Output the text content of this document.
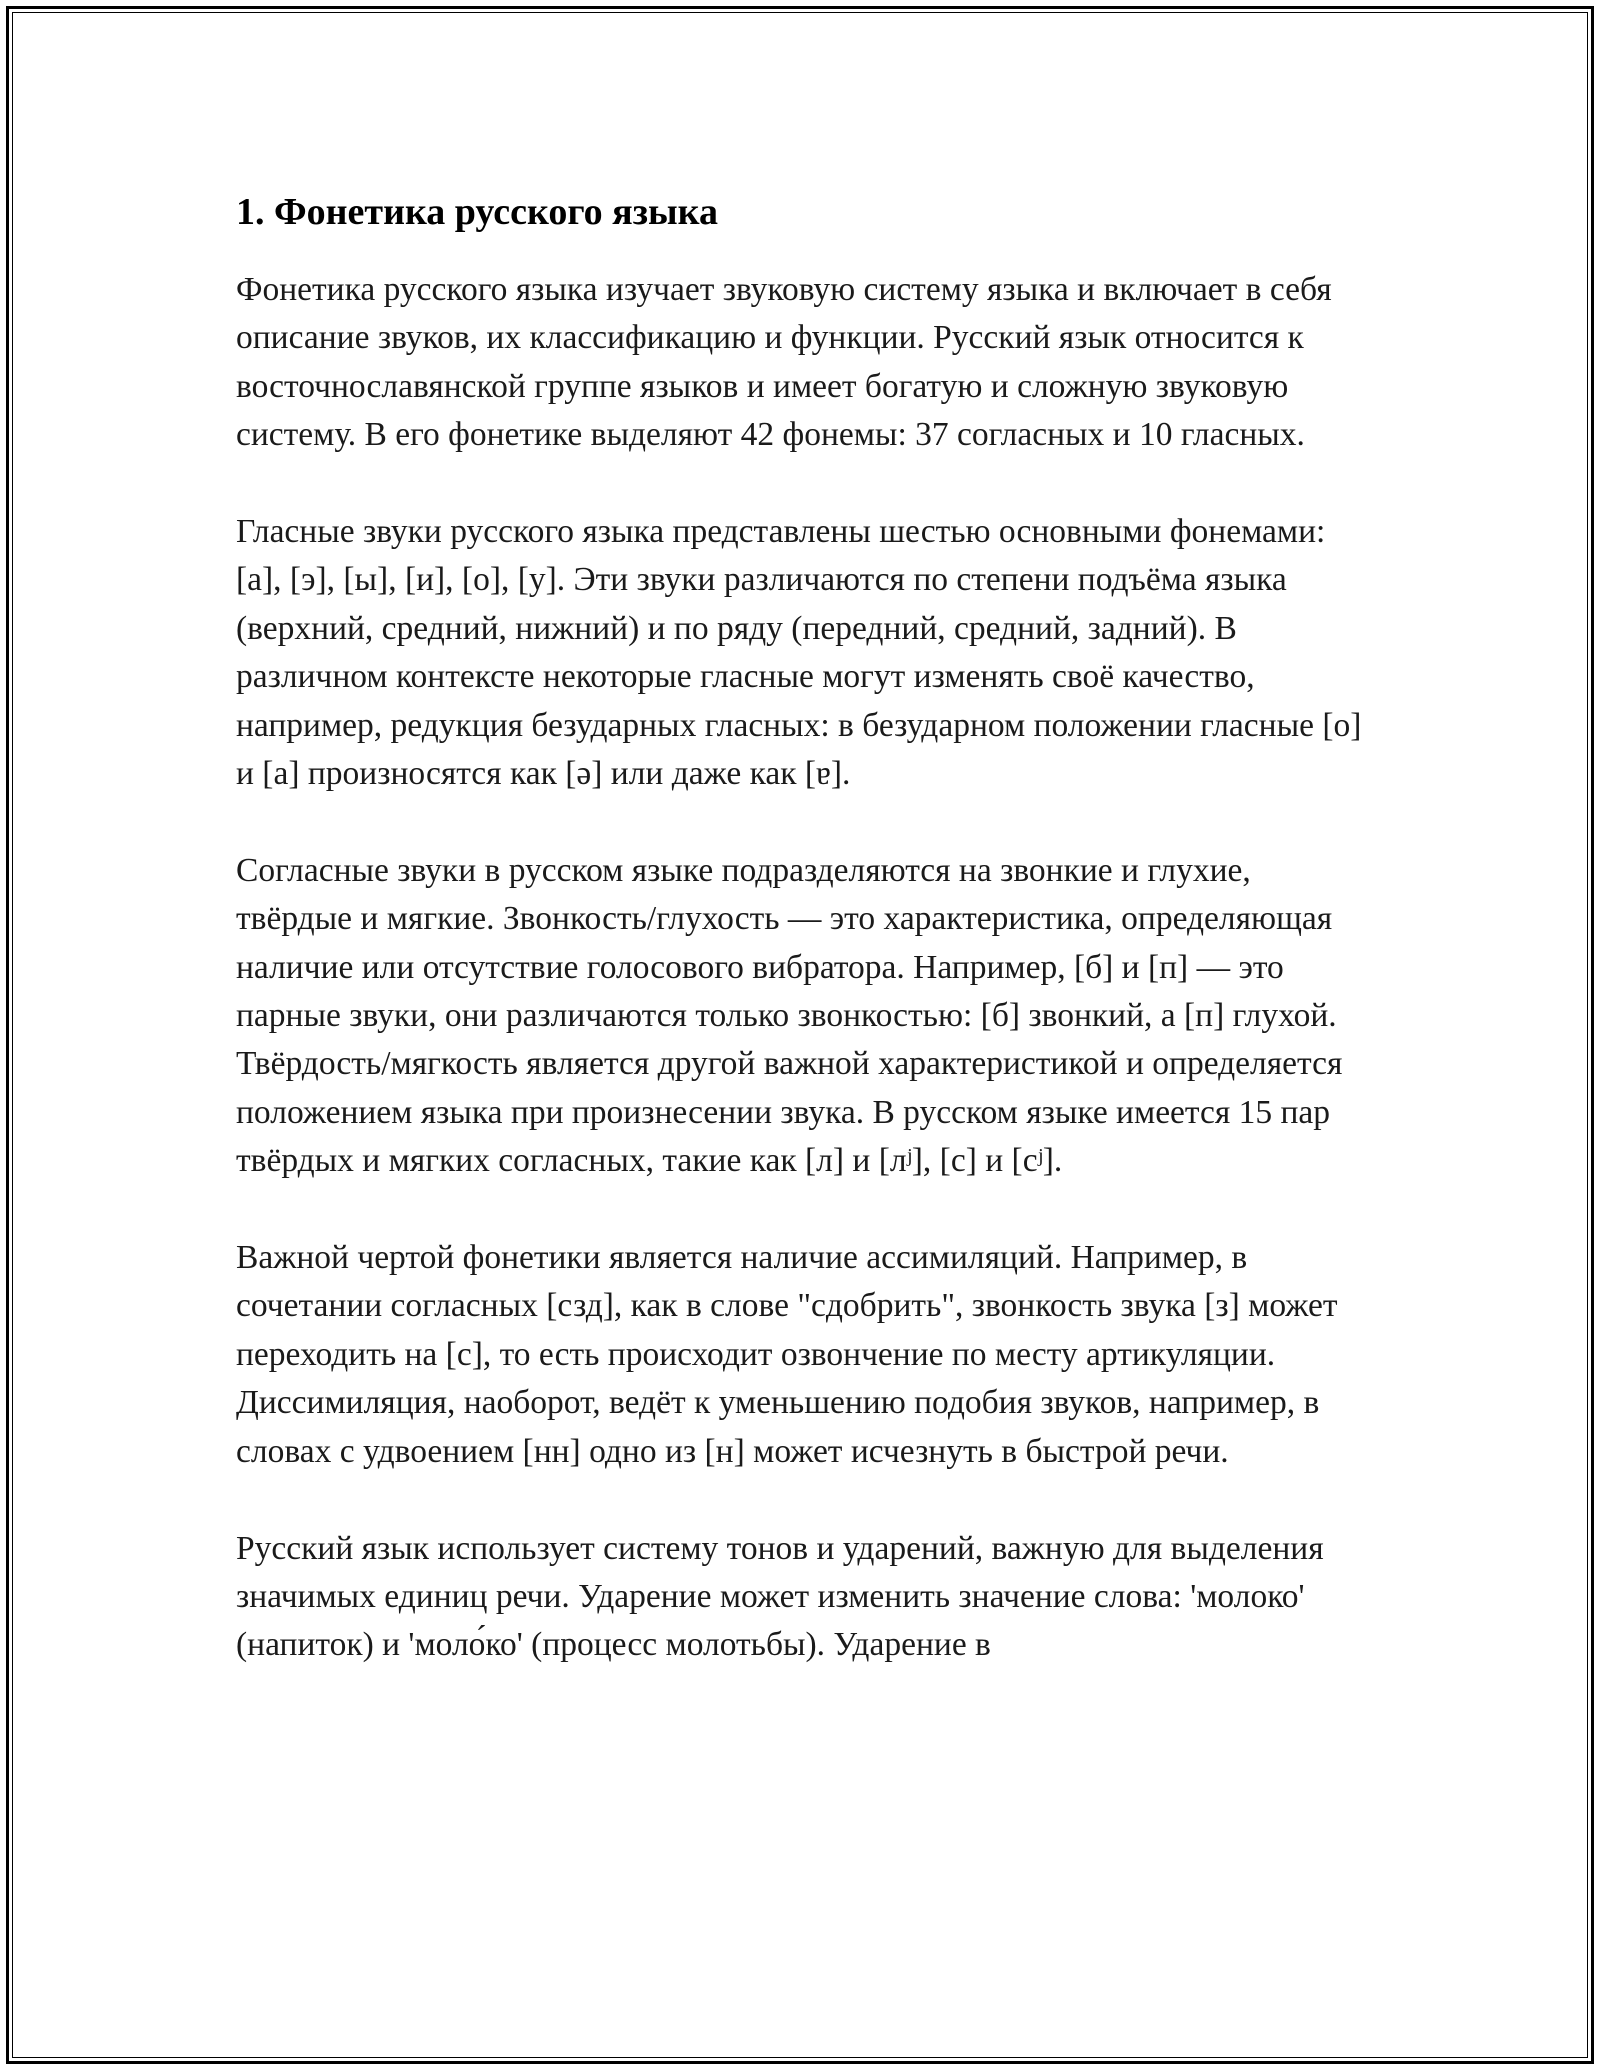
1. Фонетика русского языка

Фонетика русского языка изучает звуковую систему языка и включает в себя описание звуков, их классификацию и функции. Русский язык относится к восточнославянской группе языков и имеет богатую и сложную звуковую систему. В его фонетике выделяют 42 фонемы: 37 согласных и 10 гласных.

Гласные звуки русского языка представлены шестью основными фонемами: [а], [э], [ы], [и], [о], [у]. Эти звуки различаются по степени подъёма языка (верхний, средний, нижний) и по ряду (передний, средний, задний). В различном контексте некоторые гласные могут изменять своё качество, например, редукция безударных гласных: в безударном положении гласные [о] и [а] произносятся как [ə] или даже как [ɐ].

Согласные звуки в русском языке подразделяются на звонкие и глухие, твёрдые и мягкие. Звонкость/глухость — это характеристика, определяющая наличие или отсутствие голосового вибратора. Например, [б] и [п] — это парные звуки, они различаются только звонкостью: [б] звонкий, а [п] глухой. Твёрдость/мягкость является другой важной характеристикой и определяется положением языка при произнесении звука. В русском языке имеется 15 пар твёрдых и мягких согласных, такие как [л] и [лʲ], [с] и [сʲ].

Важной чертой фонетики является наличие ассимиляций. Например, в сочетании согласных [сзд], как в слове "сдобрить", звонкость звука [з] может переходить на [с], то есть происходит озвончение по месту артикуляции. Диссимиляция, наоборот, ведёт к уменьшению подобия звуков, например, в словах с удвоением [нн] одно из [н] может исчезнуть в быстрой речи.

Русский язык использует систему тонов и ударений, важную для выделения значимых единиц речи. Ударение может изменить значение слова: 'молоко' (напиток) и 'моло́ко' (процесс молотьбы). Ударение в
